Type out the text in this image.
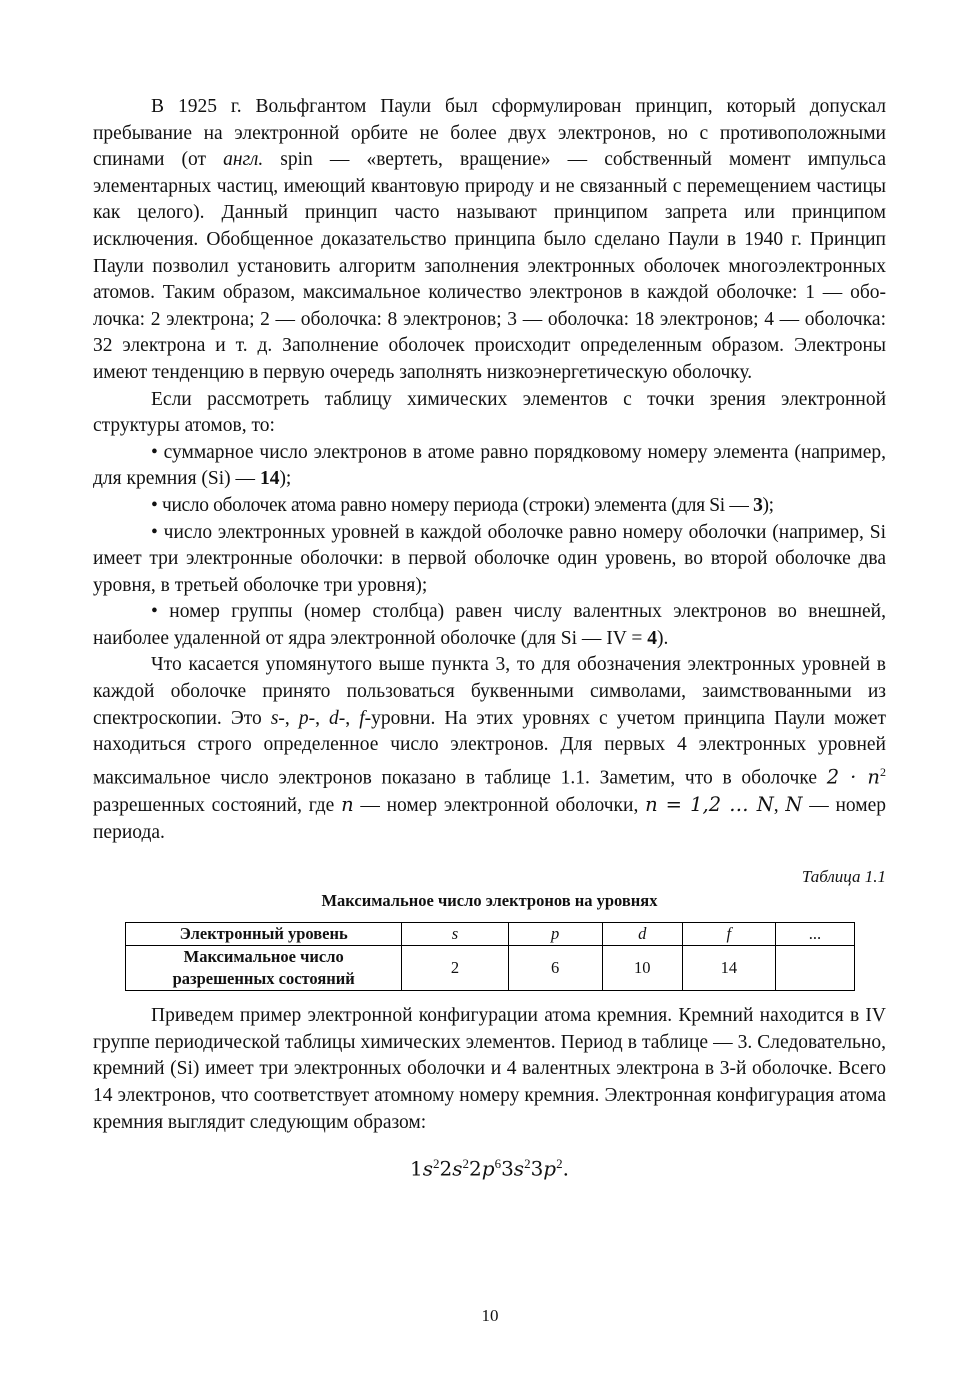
В 1925 г. Вольфгантом Паули был сформулирован принцип, который допускал пребывание на электронной орбите не более двух электронов, но с противоположными спинами (от англ. spin — «вертеть, вращение» — собственный момент импульса элементарных частиц, имеющий квантовую природу и не связанный с перемещением частицы как целого). Данный принцип часто называют принципом запрета или принципом исключения. Обобщенное доказательство принципа было сделано Паули в 1940 г. Принцип Паули позволил установить алгоритм заполнения электронных оболочек многоэлектронных атомов. Таким образом, максимальное количество электронов в каждой оболочке: 1 — оболочка: 2 электрона; 2 — оболочка: 8 электронов; 3 — оболочка: 18 электронов; 4 — оболочка: 32 электрона и т. д. Заполнение оболочек происходит определенным образом. Электроны имеют тенденцию в первую очередь заполнять низкоэнергетическую оболочку.

Если рассмотреть таблицу химических элементов с точки зрения электронной структуры атомов, то:

• суммарное число электронов в атоме равно порядковому номеру элемента (например, для кремния (Si) — 14);

• число оболочек атома равно номеру периода (строки) элемента (для Si — 3);

• число электронных уровней в каждой оболочке равно номеру оболочки (например, Si имеет три электронные оболочки: в первой оболочке один уровень, во второй оболочке два уровня, в третьей оболочке три уровня);

• номер группы (номер столбца) равен числу валентных электронов во внешней, наиболее удаленной от ядра электронной оболочке (для Si — IV = 4).

Что касается упомянутого выше пункта 3, то для обозначения электронных уровней в каждой оболочке принято пользоваться буквенными символами, заимствованными из спектроскопии. Это s-, p-, d-, f-уровни. На этих уровнях с учетом принципа Паули может находиться строго определенное число электронов. Для первых 4 электронных уровней максимальное число электронов показано в таблице 1.1. Заметим, что в оболочке $2 \cdot n^2$ разрешенных состояний, где n — номер электронной оболочки, n = 1,2 … N, N — номер периода.

Таблица 1.1
Максимальное число электронов на уровнях
Электронный уровень	s	p	d	f	...
Максимальное число
разрешенных состояний	2	6	10	14	

Приведем пример электронной конфигурации атома кремния. Кремний находится в IV группе периодической таблицы химических элементов. Период в таблице — 3. Следовательно, кремний (Si) имеет три электронных оболочки и 4 валентных электрона в 3-й оболочке. Всего 14 электронов, что соответствует атомному номеру кремния. Электронная конфигурация атома кремния выглядит следующим образом:

$1s^22s^22p^63s^23p^2$.
10
